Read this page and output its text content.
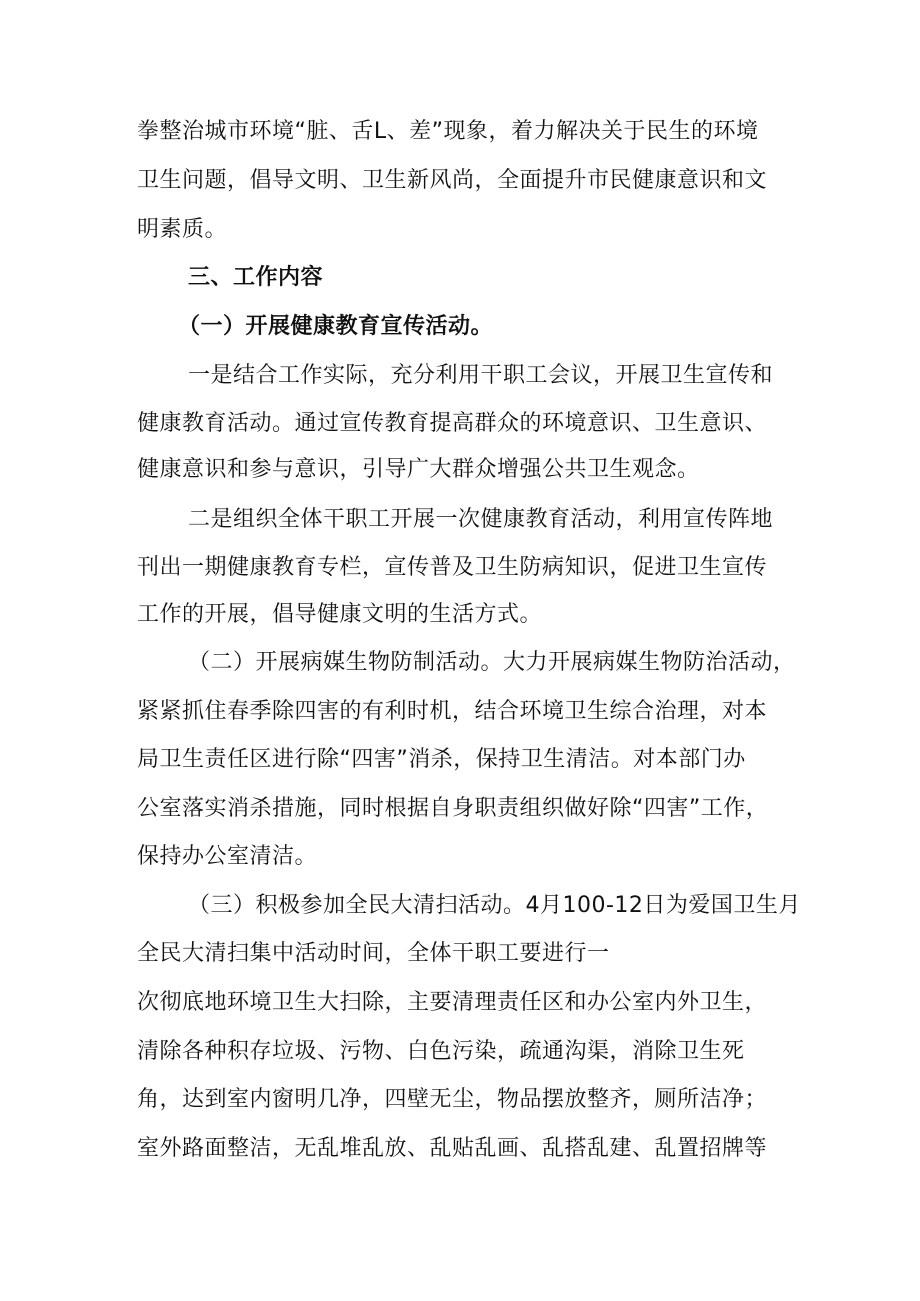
拳整治城市环境“脏、舌L、差”现象，着力解决关于民生的环境
卫生问题，倡导文明、卫生新风尚，全面提升市民健康意识和文
明素质。
三、工作内容
（一）开展健康教育宣传活动。
一是结合工作实际，充分利用干职工会议，开展卫生宣传和
健康教育活动。通过宣传教育提高群众的环境意识、卫生意识、
健康意识和参与意识，引导广大群众增强公共卫生观念。
二是组织全体干职工开展一次健康教育活动，利用宣传阵地
刊出一期健康教育专栏，宣传普及卫生防病知识，促进卫生宣传
工作的开展，倡导健康文明的生活方式。
（二）开展病媒生物防制活动。大力开展病媒生物防治活动，
紧紧抓住春季除四害的有利时机，结合环境卫生综合治理，对本
局卫生责任区进行除“四害”消杀，保持卫生清洁。对本部门办
公室落实消杀措施，同时根据自身职责组织做好除“四害”工作，
保持办公室清洁。
（三）积极参加全民大清扫活动。4月100-12日为爱国卫生月
全民大清扫集中活动时间，全体干职工要进行一
次彻底地环境卫生大扫除，主要清理责任区和办公室内外卫生，
清除各种积存垃圾、污物、白色污染，疏通沟渠，消除卫生死
角，达到室内窗明几净，四壁无尘，物品摆放整齐，厕所洁净；
室外路面整洁，无乱堆乱放、乱贴乱画、乱搭乱建、乱置招牌等
